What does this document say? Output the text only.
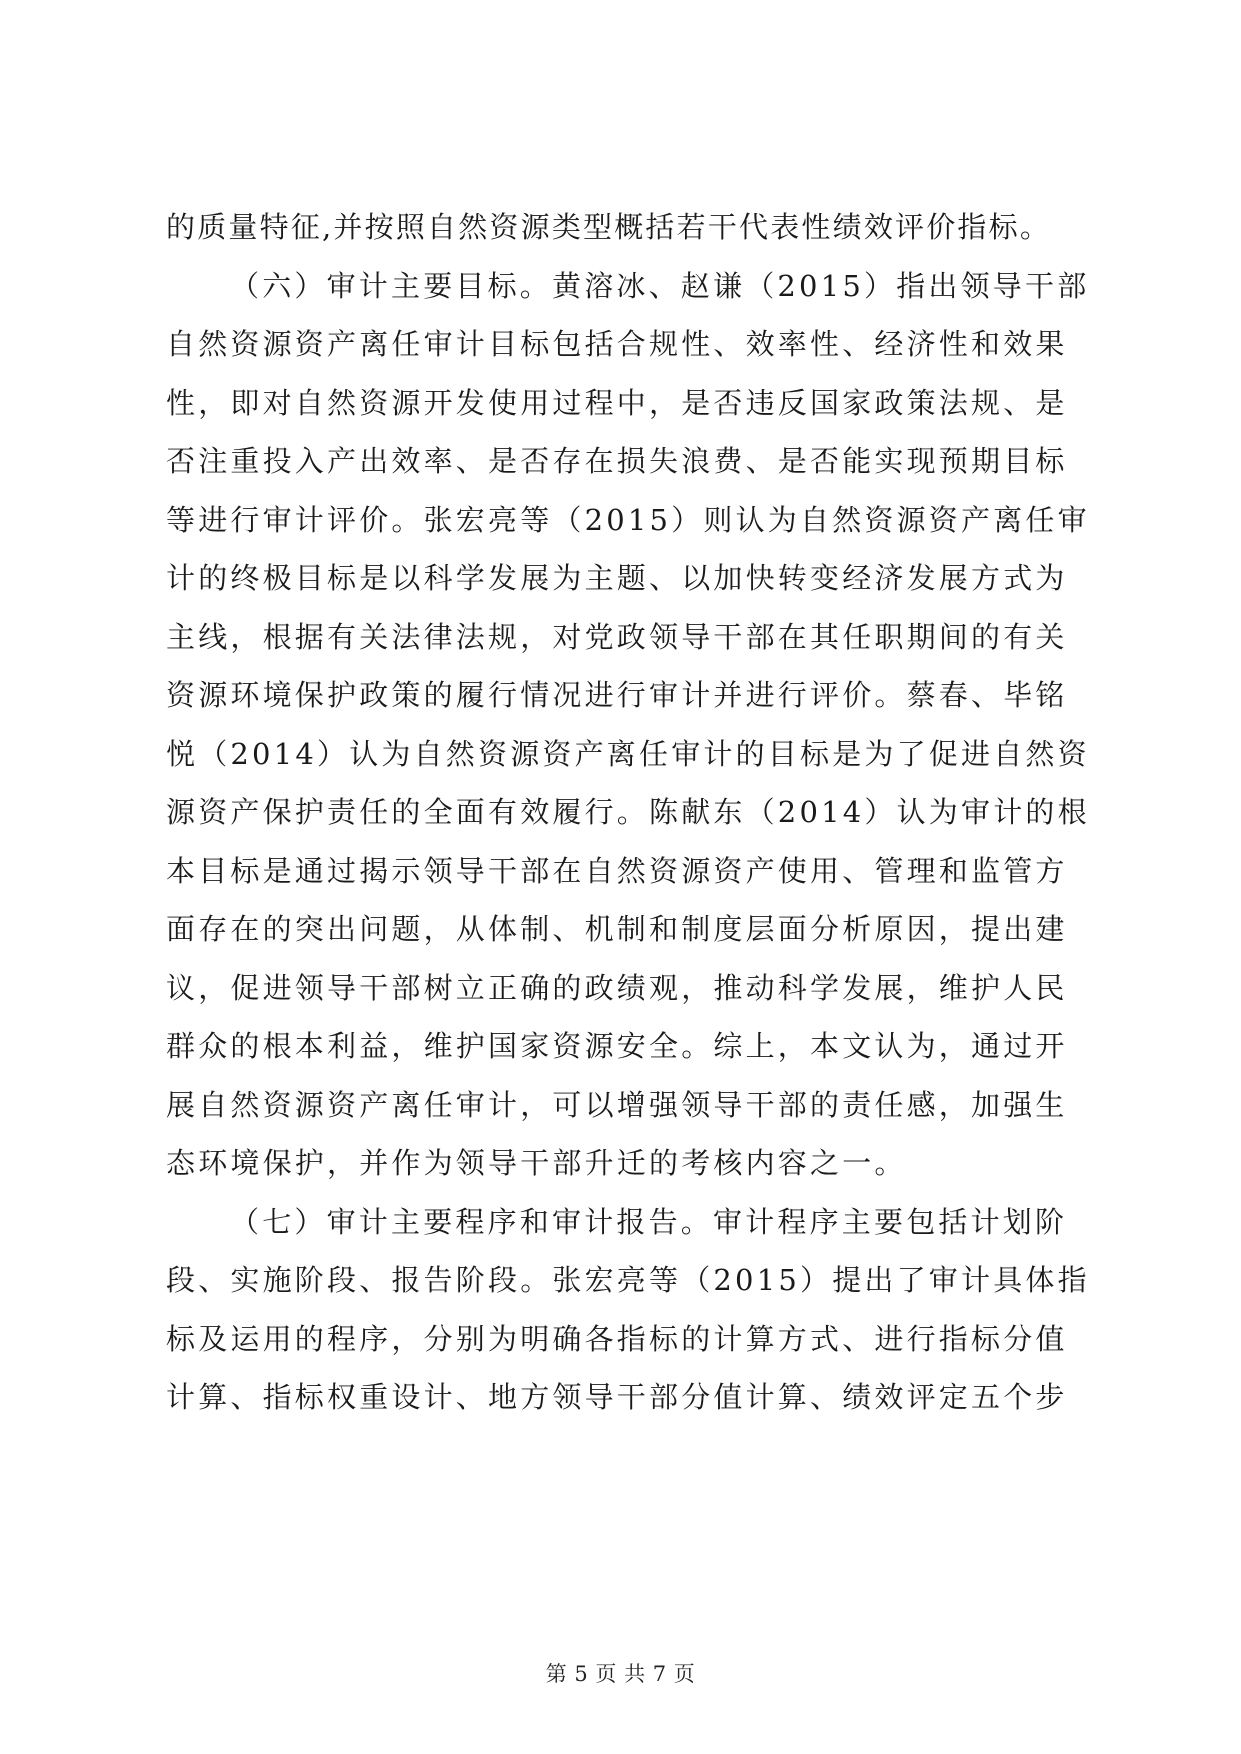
的质量特征,并按照自然资源类型概括若干代表性绩效评价指标。
（六）审计主要目标。黄溶冰、赵谦（2015）指出领导干部
自然资源资产离任审计目标包括合规性、效率性、经济性和效果
性，即对自然资源开发使用过程中，是否违反国家政策法规、是
否注重投入产出效率、是否存在损失浪费、是否能实现预期目标
等进行审计评价。张宏亮等（2015）则认为自然资源资产离任审
计的终极目标是以科学发展为主题、以加快转变经济发展方式为
主线，根据有关法律法规，对党政领导干部在其任职期间的有关
资源环境保护政策的履行情况进行审计并进行评价。蔡春、毕铭
悦（2014）认为自然资源资产离任审计的目标是为了促进自然资
源资产保护责任的全面有效履行。陈献东（2014）认为审计的根
本目标是通过揭示领导干部在自然资源资产使用、管理和监管方
面存在的突出问题，从体制、机制和制度层面分析原因，提出建
议，促进领导干部树立正确的政绩观，推动科学发展，维护人民
群众的根本利益，维护国家资源安全。综上，本文认为，通过开
展自然资源资产离任审计，可以增强领导干部的责任感，加强生
态环境保护，并作为领导干部升迁的考核内容之一。
（七）审计主要程序和审计报告。审计程序主要包括计划阶
段、实施阶段、报告阶段。张宏亮等（2015）提出了审计具体指
标及运用的程序，分别为明确各指标的计算方式、进行指标分值
计算、指标权重设计、地方领导干部分值计算、绩效评定五个步
第 5 页 共 7 页
